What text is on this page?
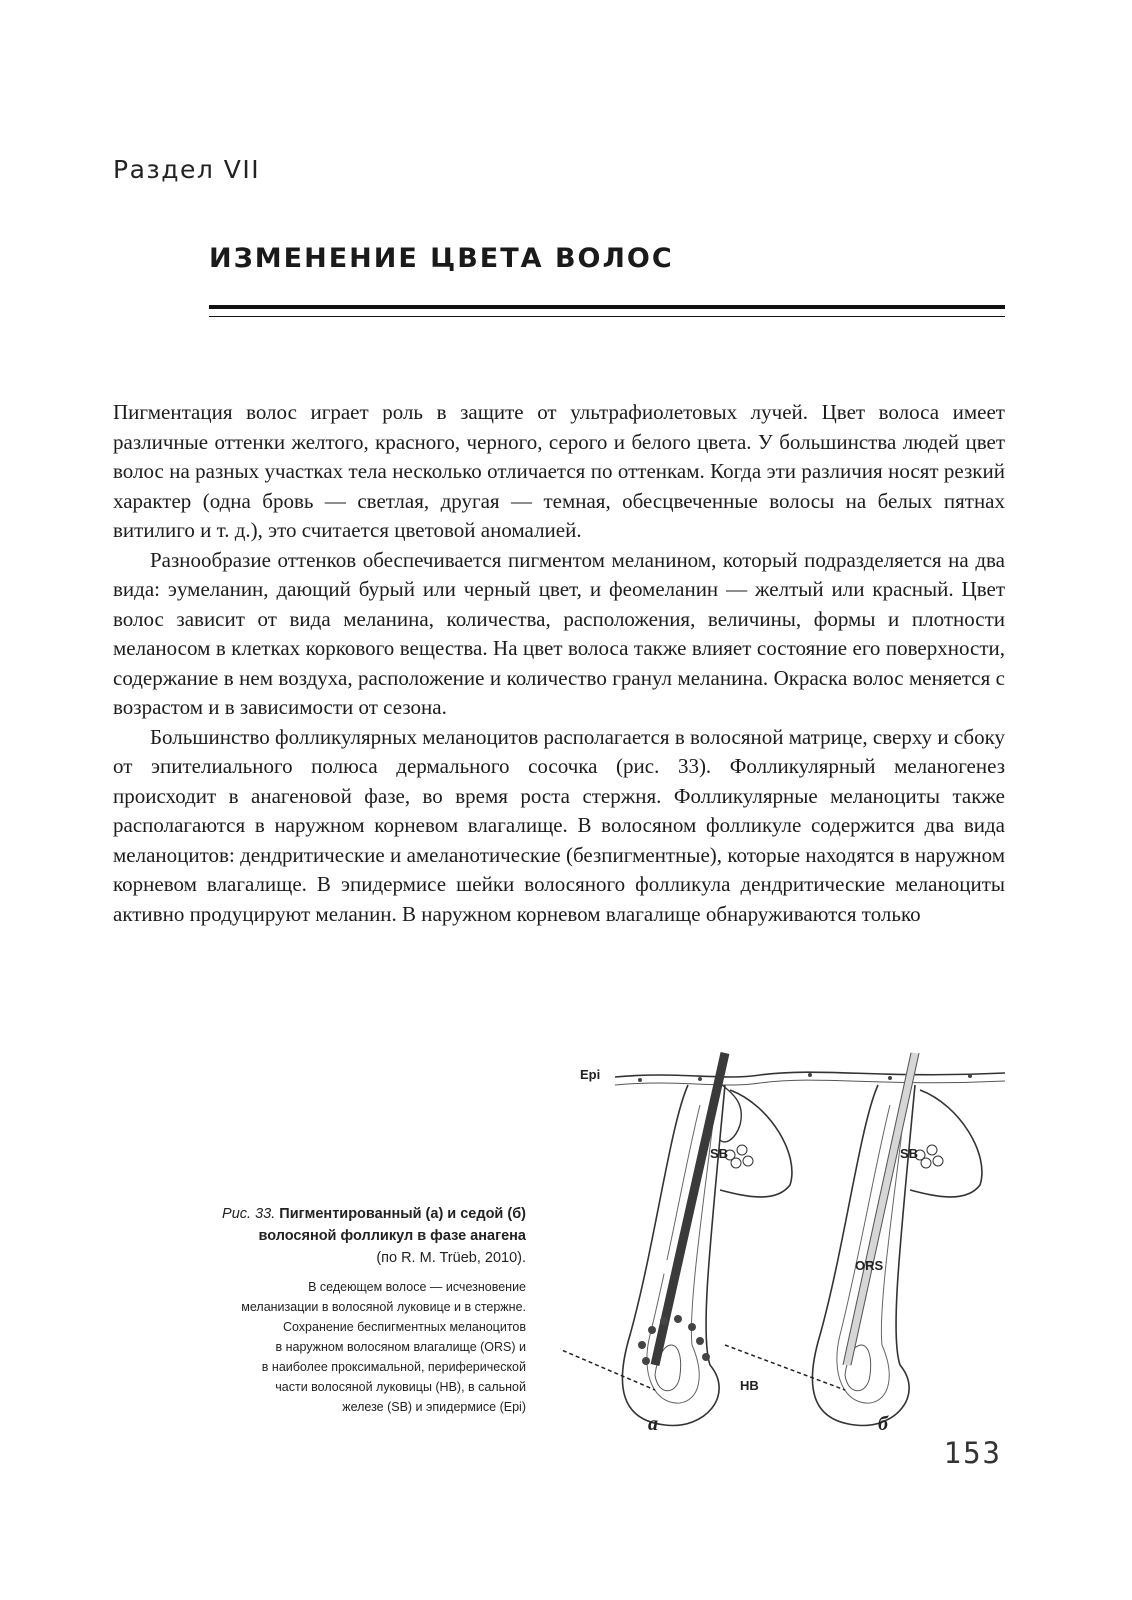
Раздел VII
ИЗМЕНЕНИЕ ЦВЕТА ВОЛОС

Пигментация волос играет роль в защите от ультрафиолетовых лучей. Цвет волоса имеет различные оттенки желтого, красного, черного, серого и белого цвета. У большинства людей цвет волос на разных участках тела несколько отличается по оттенкам. Когда эти различия носят резкий характер (одна бровь — светлая, другая — темная, обесцвеченные волосы на белых пятнах витилиго и т. д.), это считается цветовой аномалией.

Разнообразие оттенков обеспечивается пигментом меланином, который подразделяется на два вида: эумеланин, дающий бурый или черный цвет, и феомеланин — желтый или красный. Цвет волос зависит от вида меланина, количества, расположения, величины, формы и плотности меланосом в клетках коркового вещества. На цвет волоса также влияет состояние его поверхности, содержание в нем воздуха, расположение и количество гранул меланина. Окраска волос меняется с возрастом и в зависимости от сезона.

Большинство фолликулярных меланоцитов располагается в волосяной матрице, сверху и сбоку от эпителиального полюса дермального сосочка (рис. 33). Фолликулярный меланогенез происходит в анагеновой фазе, во время роста стержня. Фолликулярные меланоциты также располагаются в наружном корневом влагалище. В волосяном фолликуле содержится два вида меланоцитов: дендритические и амеланотические (безпигментные), которые находятся в наружном корневом влагалище. В эпидермисе шейки волосяного фолликула дендритические меланоциты активно продуцируют меланин. В наружном корневом влагалище обнаруживаются только

Рис. 33. Пигментированный (а) и седой (б)
волосяной фолликул в фазе анагена
(по R. M. Trüeb, 2010).
В седеющем волосе — исчезновение
меланизации в волосяной луковице и в стержне.
Сохранение беспигментных меланоцитов
в наружном волосяном влагалище (ORS) и
в наиболее проксимальной, периферической
части волосяной луковицы (HB), в сальной
железе (SB) и эпидермисе (Epi)
Epi
SB
а
SB
ORS
HB
б
153
